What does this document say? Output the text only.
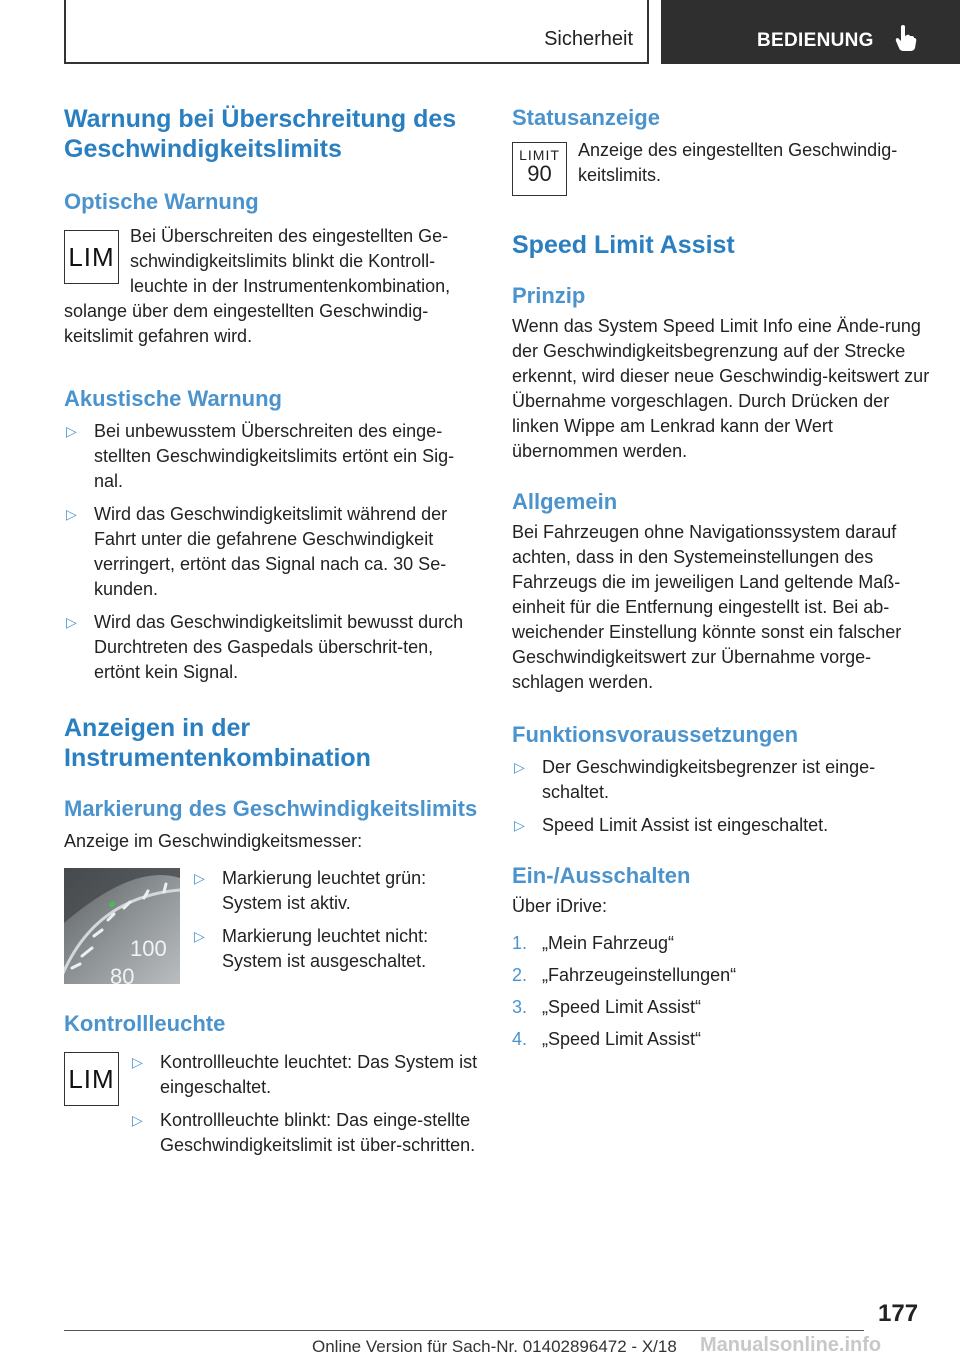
Sicherheit	BEDIENUNG
Warnung bei Überschreitung des Geschwindigkeitslimits
Optische Warnung
LIM

Bei Überschreiten des eingestellten Ge-

schwindigkeitslimits blinkt die Kontroll-

leuchte in der Instrumentenkombination,

solange über dem eingestellten Geschwindig-

keitslimit gefahren wird.

Akustische Warnung
▷ Bei unbewusstem Überschreiten des einge-stellten Geschwindigkeitslimits ertönt ein Sig-nal.
▷ Wird das Geschwindigkeitslimit während der Fahrt unter die gefahrene Geschwindigkeit verringert, ertönt das Signal nach ca. 30 Se-kunden.
▷ Wird das Geschwindigkeitslimit bewusst durch Durchtreten des Gaspedals überschrit-ten, ertönt kein Signal.
Anzeigen in der Instrumentenkombination
Markierung des Geschwindigkeitslimits

Anzeige im Geschwindigkeitsmesser:

100
80
▷ Markierung leuchtet grün: System ist aktiv.
▷ Markierung leuchtet nicht: System ist ausgeschaltet.
Kontrollleuchte
LIM
▷ Kontrollleuchte leuchtet: Das System ist eingeschaltet.
▷ Kontrollleuchte blinkt: Das einge-stellte Geschwindigkeitslimit ist über-schritten.
Statusanzeige
LIMIT
90

Anzeige des eingestellten Geschwindig-keitslimits.

Speed Limit Assist
Prinzip

Wenn das System Speed Limit Info eine Ände-rung der Geschwindigkeitsbegrenzung auf der Strecke erkennt, wird dieser neue Geschwindig-keitswert zur Übernahme vorgeschlagen. Durch Drücken der linken Wippe am Lenkrad kann der Wert übernommen werden.

Allgemein

Bei Fahrzeugen ohne Navigationssystem darauf achten, dass in den Systemeinstellungen des Fahrzeugs die im jeweiligen Land geltende Maß-einheit für die Entfernung eingestellt ist. Bei ab-weichender Einstellung könnte sonst ein falscher Geschwindigkeitswert zur Übernahme vorge-schlagen werden.

Funktionsvoraussetzungen
▷ Der Geschwindigkeitsbegrenzer ist einge-schaltet.
▷ Speed Limit Assist ist eingeschaltet.
Ein-/Ausschalten

Über iDrive:

1. „Mein Fahrzeug“
2. „Fahrzeugeinstellungen“
3. „Speed Limit Assist“
4. „Speed Limit Assist“
177
Online Version für Sach-Nr. 01402896472 - X/18 Manualsonline.info
